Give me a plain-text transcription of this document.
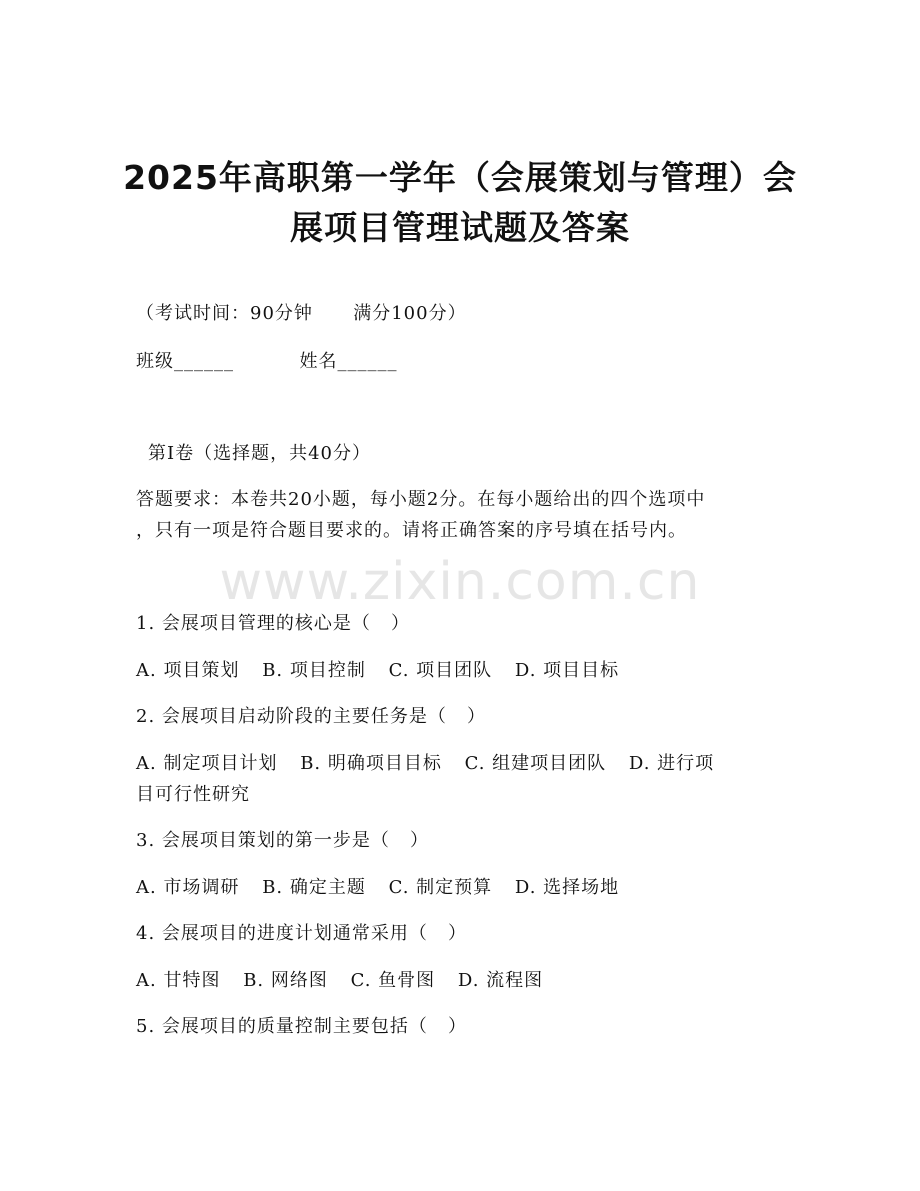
2025年高职第一学年（会展策划与管理）会
展项目管理试题及答案
（考试时间：90分钟      满分100分）
班级______	姓名______
第I卷（选择题，共40分）
答题要求：本卷共20小题，每小题2分。在每小题给出的四个选项中
，只有一项是符合题目要求的。请将正确答案的序号填在括号内。
www.zixin.com.cn
1. 会展项目管理的核心是（   ）
A. 项目策划 B. 项目控制 C. 项目团队 D. 项目目标
2. 会展项目启动阶段的主要任务是（   ）
A. 制定项目计划 B. 明确项目目标 C. 组建项目团队 D. 进行项
目可行性研究
3. 会展项目策划的第一步是（   ）
A. 市场调研 B. 确定主题 C. 制定预算 D. 选择场地
4. 会展项目的进度计划通常采用（   ）
A. 甘特图 B. 网络图 C. 鱼骨图 D. 流程图
5. 会展项目的质量控制主要包括（   ）
